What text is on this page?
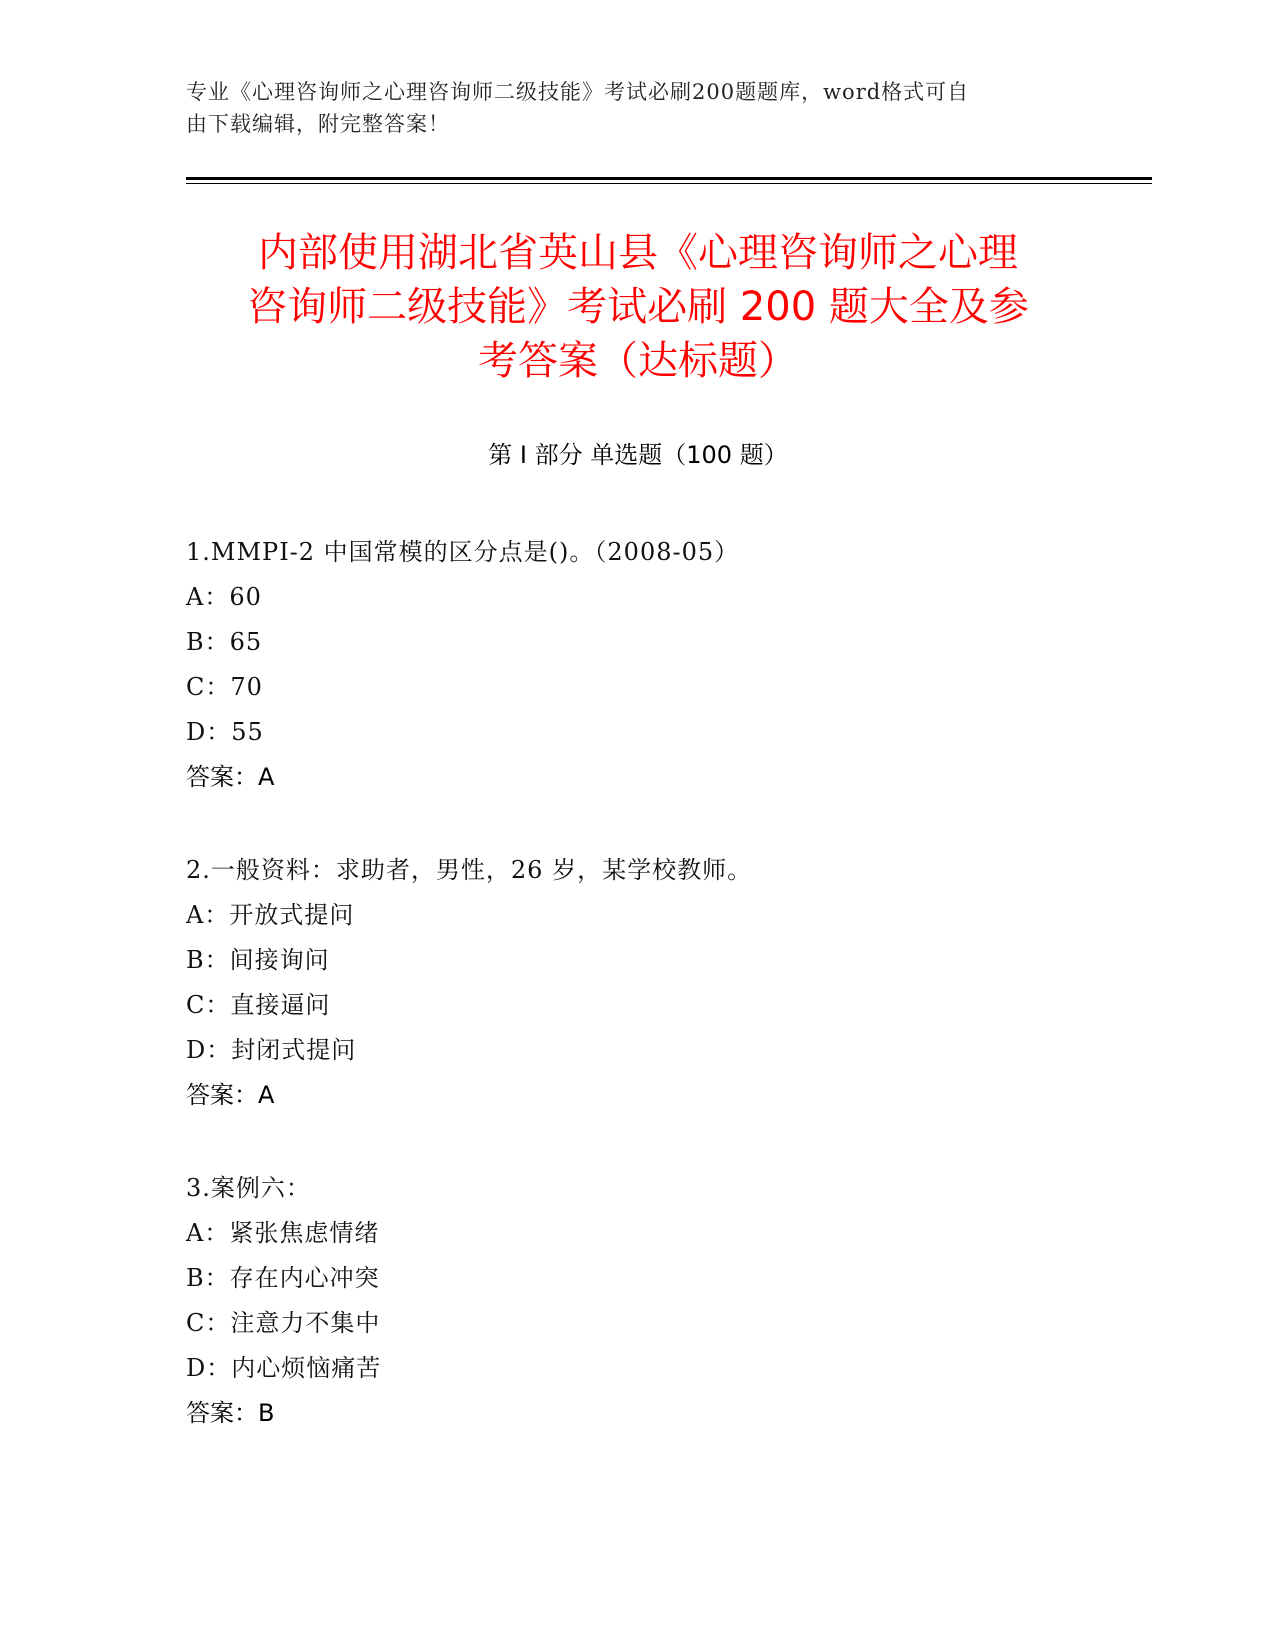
专业《心理咨询师之心理咨询师二级技能》考试必刷200题题库，word格式可自
由下载编辑，附完整答案！
内部使用湖北省英山县《心理咨询师之心理
咨询师二级技能》考试必刷 200 题大全及参
考答案（达标题）
第 I 部分 单选题（100 题）
1.MMPI-2 中国常模的区分点是()。（2008-05）
A：60
B：65
C：70
D：55
答案：A
2.一般资料：求助者，男性，26 岁，某学校教师。
A：开放式提问
B：间接询问
C：直接逼问
D：封闭式提问
答案：A
3.案例六：
A：紧张焦虑情绪
B：存在内心冲突
C：注意力不集中
D：内心烦恼痛苦
答案：B
